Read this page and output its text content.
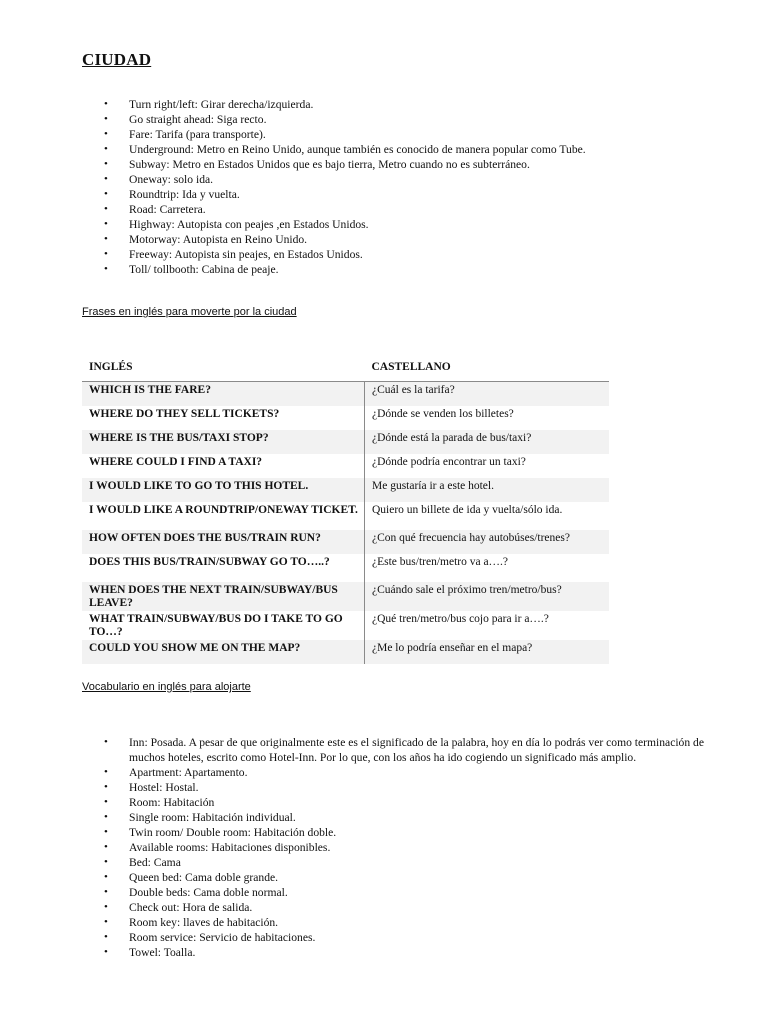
CIUDAD
• Turn right/left: Girar derecha/izquierda.
• Go straight ahead: Siga recto.
• Fare: Tarifa (para transporte).
• Underground: Metro en Reino Unido, aunque también es conocido de manera popular como Tube.
• Subway: Metro en Estados Unidos que es bajo tierra, Metro cuando no es subterráneo.
• Oneway: solo ida.
• Roundtrip: Ida y vuelta.
• Road: Carretera.
• Highway: Autopista con peajes ,en Estados Unidos.
• Motorway: Autopista en Reino Unido.
• Freeway: Autopista sin peajes, en Estados Unidos.
• Toll/ tollbooth: Cabina de peaje.
Frases en inglés para moverte por la ciudad
INGLÉS	CASTELLANO
WHICH IS THE FARE?	¿Cuál es la tarifa?
WHERE DO THEY SELL TICKETS?	¿Dónde se venden los billetes?
WHERE IS THE BUS/TAXI STOP?	¿Dónde está la parada de bus/taxi?
WHERE COULD I FIND A TAXI?	¿Dónde podría encontrar un taxi?
I WOULD LIKE TO GO TO THIS HOTEL.	Me gustaría ir a este hotel.
I WOULD LIKE A ROUNDTRIP/ONEWAY TICKET.	Quiero un billete de ida y vuelta/sólo ida.
HOW OFTEN DOES THE BUS/TRAIN RUN?	¿Con qué frecuencia hay autobúses/trenes?
DOES THIS BUS/TRAIN/SUBWAY GO TO…..?	¿Este bus/tren/metro va a….?
WHEN DOES THE NEXT TRAIN/SUBWAY/BUS LEAVE?	¿Cuándo sale el próximo tren/metro/bus?
WHAT TRAIN/SUBWAY/BUS DO I TAKE TO GO TO…?	¿Qué tren/metro/bus cojo para ir a….?
COULD YOU SHOW ME ON THE MAP?	¿Me lo podría enseñar en el mapa?
Vocabulario en inglés para alojarte
• Inn: Posada. A pesar de que originalmente este es el significado de la palabra, hoy en día lo podrás ver como terminación de muchos hoteles, escrito como Hotel-Inn. Por lo que, con los años ha ido cogiendo un significado más amplio.
• Apartment: Apartamento.
• Hostel: Hostal.
• Room: Habitación
• Single room: Habitación individual.
• Twin room/ Double room: Habitación doble.
• Available rooms: Habitaciones disponibles.
• Bed: Cama
• Queen bed: Cama doble grande.
• Double beds: Cama doble normal.
• Check out: Hora de salida.
• Room key: llaves de habitación.
• Room service: Servicio de habitaciones.
• Towel: Toalla.
